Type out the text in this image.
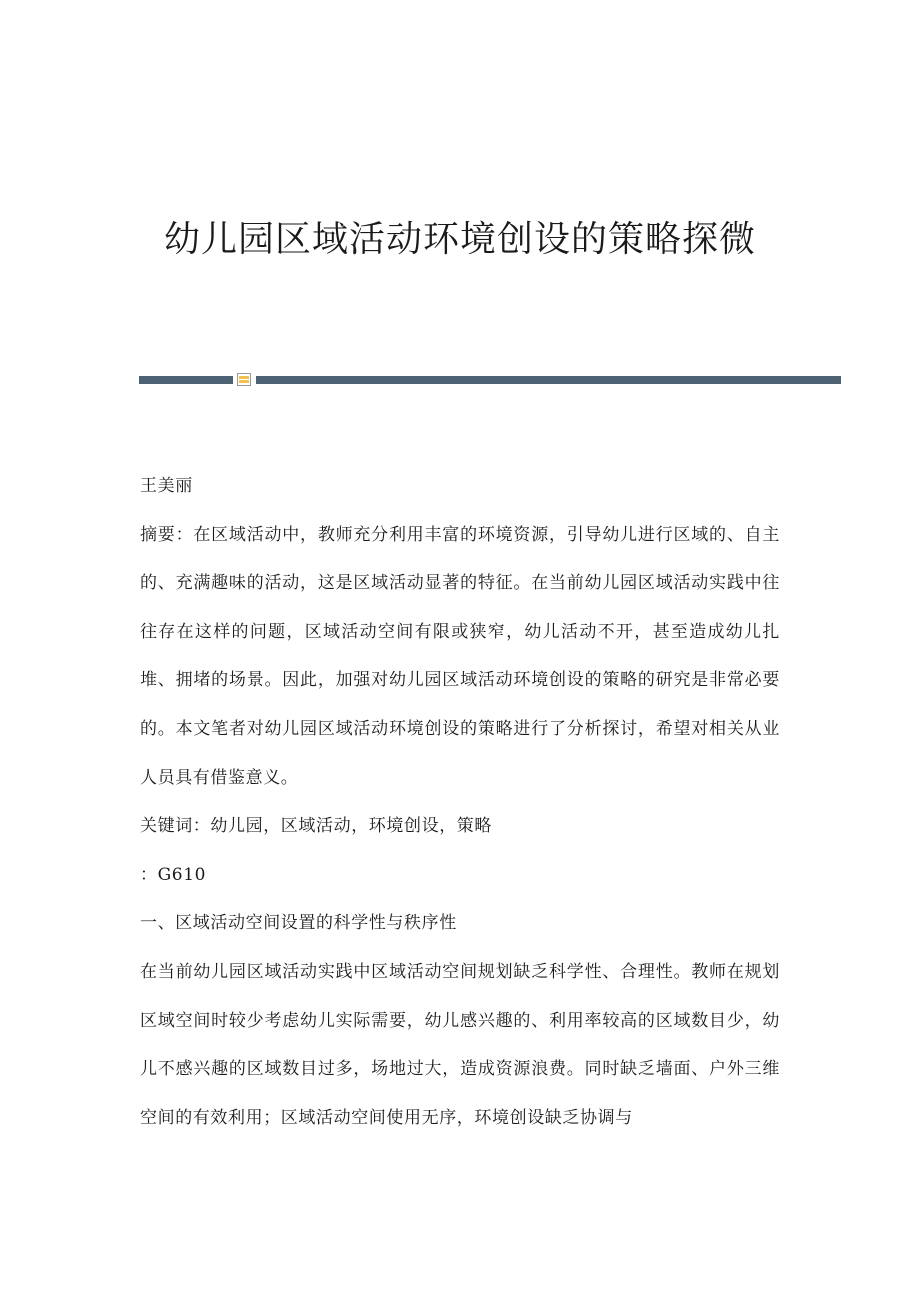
幼儿园区域活动环境创设的策略探微

王美丽

摘要：在区域活动中，教师充分利用丰富的环境资源，引导幼儿进行区域的、自主的、充满趣味的活动，这是区域活动显著的特征。在当前幼儿园区域活动实践中往往存在这样的问题，区域活动空间有限或狭窄，幼儿活动不开，甚至造成幼儿扎堆、拥堵的场景。因此，加强对幼儿园区域活动环境创设的策略的研究是非常必要的。本文笔者对幼儿园区域活动环境创设的策略进行了分析探讨，希望对相关从业人员具有借鉴意义。

关键词：幼儿园，区域活动，环境创设，策略

：G610

一、区域活动空间设置的科学性与秩序性

在当前幼儿园区域活动实践中区域活动空间规划缺乏科学性、合理性。教师在规划区域空间时较少考虑幼儿实际需要，幼儿感兴趣的、利用率较高的区域数目少，幼儿不感兴趣的区域数目过多，场地过大，造成资源浪费。同时缺乏墙面、户外三维空间的有效利用；区域活动空间使用无序，环境创设缺乏协调与
